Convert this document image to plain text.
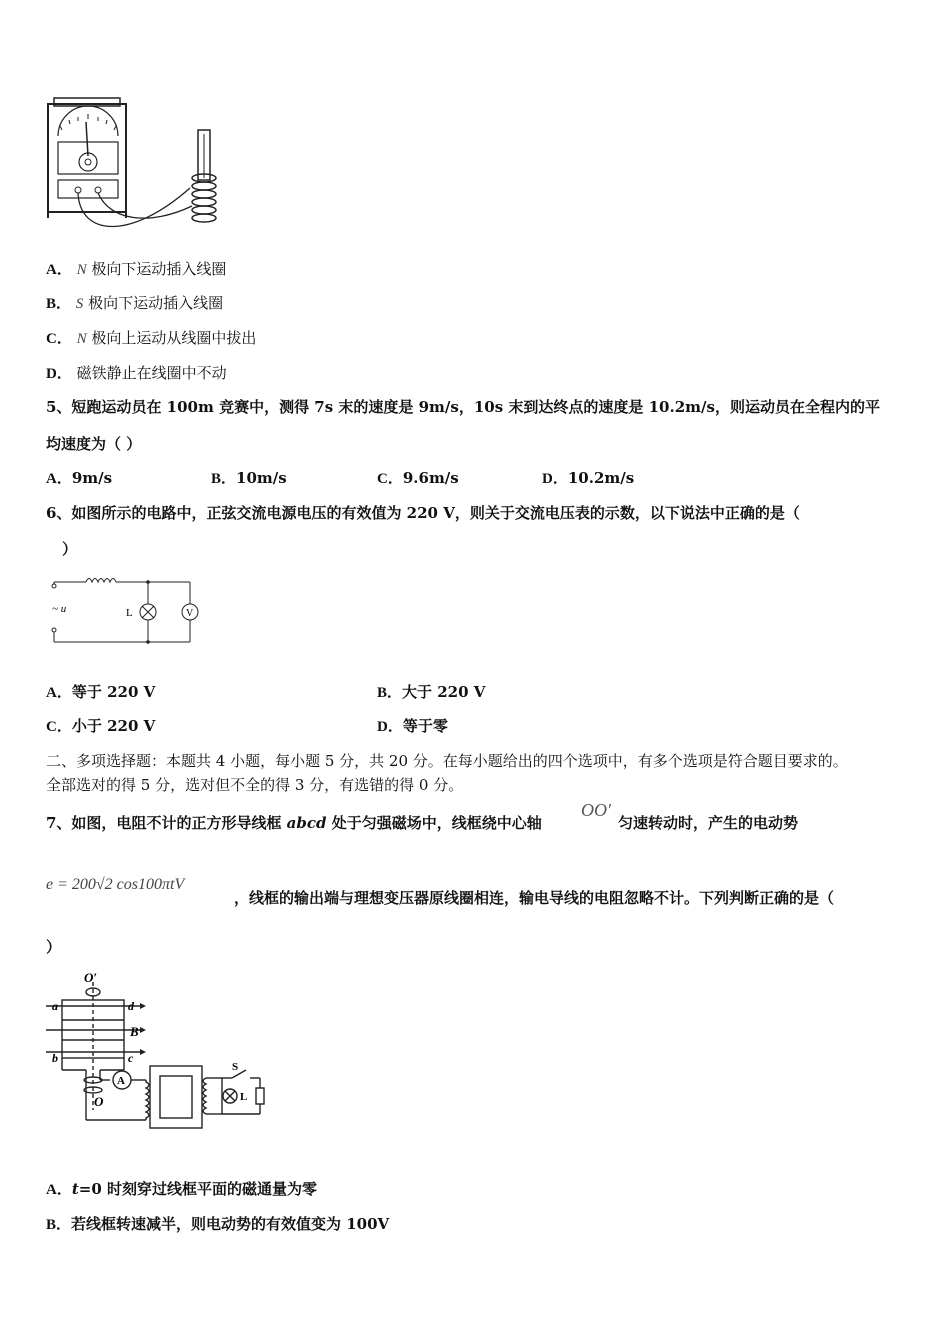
A． N 极向下运动插入线圈
B． S 极向下运动插入线圈
C． N 极向上运动从线圈中拔出
D． 磁铁静止在线圈中不动
5、短跑运动员在 100m 竞赛中，测得 7s 末的速度是 9m/s，10s 末到达终点的速度是 10.2m/s，则运动员在全程内的平
均速度为（ ）
A．9m/s	B．10m/s	C．9.6m/s	D．10.2m/s
6、如图所示的电路中，正弦交流电源电压的有效值为 220 V，则关于交流电压表的示数，以下说法中正确的是（
）
~ u	L	V
A．等于 220 V	B．大于 220 V
C．小于 220 V	D．等于零
二、多项选择题：本题共 4 小题，每小题 5 分，共 20 分。在每小题给出的四个选项中，有多个选项是符合题目要求的。
全部选对的得 5 分，选对但不全的得 3 分，有选错的得 0 分。
7、如图，电阻不计的正方形导线框 abcd 处于匀强磁场中，线框绕中心轴
OO′
匀速转动时，产生的电动势
e = 200√2 cos100πtV
，线框的输出端与理想变压器原线圈相连，输电导线的电阻忽略不计。下列判断正确的是（
）
O′
O
a
b	c
d
B
A
S
L
A．t=0 时刻穿过线框平面的磁通量为零
B．若线框转速减半，则电动势的有效值变为 100V
